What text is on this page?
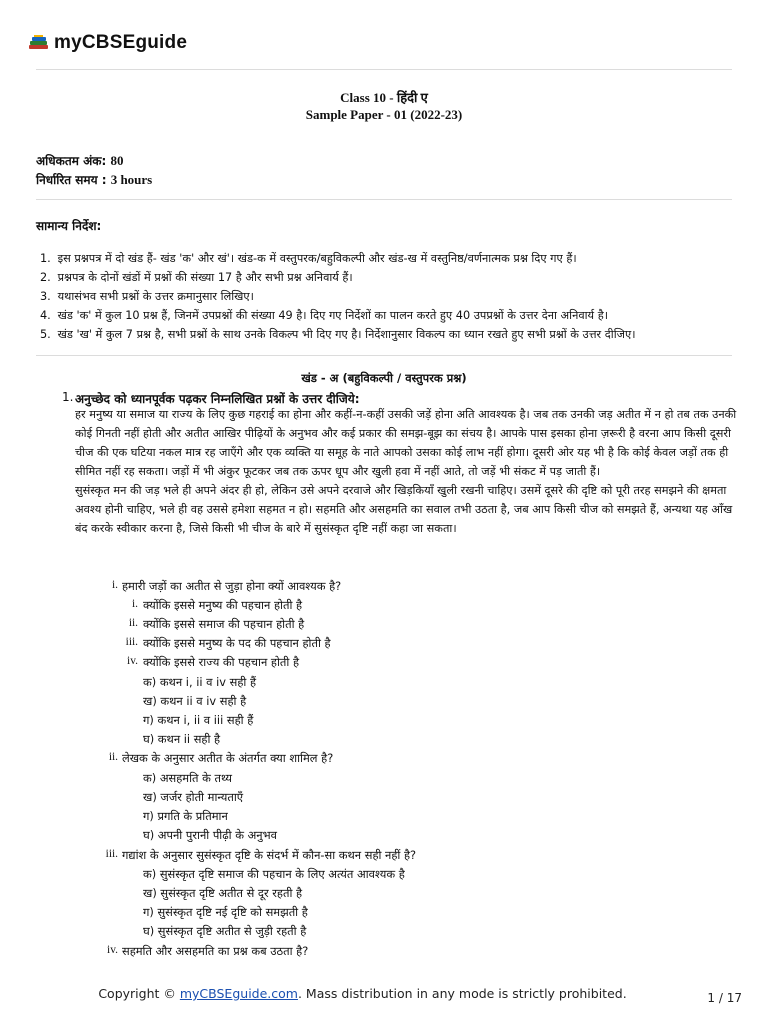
myCBSEguide
Class 10 - हिंदी ए
Sample Paper - 01 (2022-23)
अधिकतम अंक: 80
निर्धारित समय : 3 hours
सामान्य निर्देश:
1. इस प्रश्नपत्र में दो खंड हैं- खंड 'क' और खं'। खंड-क में वस्तुपरक/बहुविकल्पी और खंड-ख में वस्तुनिष्ठ/वर्णनात्मक प्रश्न दिए गए हैं।
2. प्रश्नपत्र के दोनों खंडों में प्रश्नों की संख्या 17 है और सभी प्रश्न अनिवार्य हैं।
3. यथासंभव सभी प्रश्नों के उत्तर क्रमानुसार लिखिए।
4. खंड 'क' में कुल 10 प्रश्न हैं, जिनमें उपप्रश्नों की संख्या 49 है। दिए गए निर्देशों का पालन करते हुए 40 उपप्रश्नों के उत्तर देना अनिवार्य है।
5. खंड 'ख' में कुल 7 प्रश्न है, सभी प्रश्नों के साथ उनके विकल्प भी दिए गए है। निर्देशानुसार विकल्प का ध्यान रखते हुए सभी प्रश्नों के उत्तर दीजिए।
खंड - अ (बहुविकल्पी / वस्तुपरक प्रश्न)
1. अनुच्छेद को ध्यानपूर्वक पढ़कर निम्नलिखित प्रश्नों के उत्तर दीजिये:

हर मनुष्य या समाज या राज्य के लिए कुछ गहराई का होना और कहीं-न-कहीं उसकी जड़ें होना अति आवश्यक है। जब तक उनकी जड़ अतीत में न हो तब तक उनकी कोई गिनती नहीं होती और अतीत आखिर पीढ़ियों के अनुभव और कई प्रकार की समझ-बूझ का संचय है। आपके पास इसका होना ज़रूरी है वरना आप किसी दूसरी चीज की एक घटिया नकल मात्र रह जाएँगे और एक व्यक्ति या समूह के नाते आपको उसका कोई लाभ नहीं होगा। दूसरी ओर यह भी है कि कोई केवल जड़ों तक ही सीमित नहीं रह सकता। जड़ों में भी अंकुर फूटकर जब तक ऊपर धूप और खुली हवा में नहीं आते, तो जड़ें भी संकट में पड़ जाती हैं।

सुसंस्कृत मन की जड़ भले ही अपने अंदर ही हो, लेकिन उसे अपने दरवाजे और खिड़कियाँ खुली रखनी चाहिए। उसमें दूसरे की दृष्टि को पूरी तरह समझने की क्षमता अवश्य होनी चाहिए, भले ही वह उससे हमेशा सहमत न हो। सहमति और असहमति का सवाल तभी उठता है, जब आप किसी चीज को समझते हैं, अन्यथा यह आँख बंद करके स्वीकार करना है, जिसे किसी भी चीज के बारे में सुसंस्कृत दृष्टि नहीं कहा जा सकता।

i. हमारी जड़ों का अतीत से जुड़ा होना क्यों आवश्यक है?
i. क्योंकि इससे मनुष्य की पहचान होती है
ii. क्योंकि इससे समाज की पहचान होती है
iii. क्योंकि इससे मनुष्य के पद की पहचान होती है
iv. क्योंकि इससे राज्य की पहचान होती है
क) कथन i, ii व iv सही हैं
ख) कथन ii व iv सही है
ग) कथन i, ii व iii सही हैं
घ) कथन ii सही है
ii. लेखक के अनुसार अतीत के अंतर्गत क्या शामिल है?
क) असहमति के तथ्य
ख) जर्जर होती मान्यताएँ
ग) प्रगति के प्रतिमान
घ) अपनी पुरानी पीढ़ी के अनुभव
iii. गद्यांश के अनुसार सुसंस्कृत दृष्टि के संदर्भ में कौन-सा कथन सही नहीं है?
क) सुसंस्कृत दृष्टि समाज की पहचान के लिए अत्यंत आवश्यक है
ख) सुसंस्कृत दृष्टि अतीत से दूर रहती है
ग) सुसंस्कृत दृष्टि नई दृष्टि को समझती है
घ) सुसंस्कृत दृष्टि अतीत से जुड़ी रहती है
iv. सहमति और असहमति का प्रश्न कब उठता है?
Copyright © myCBSEguide.com. Mass distribution in any mode is strictly prohibited.	1 / 17
